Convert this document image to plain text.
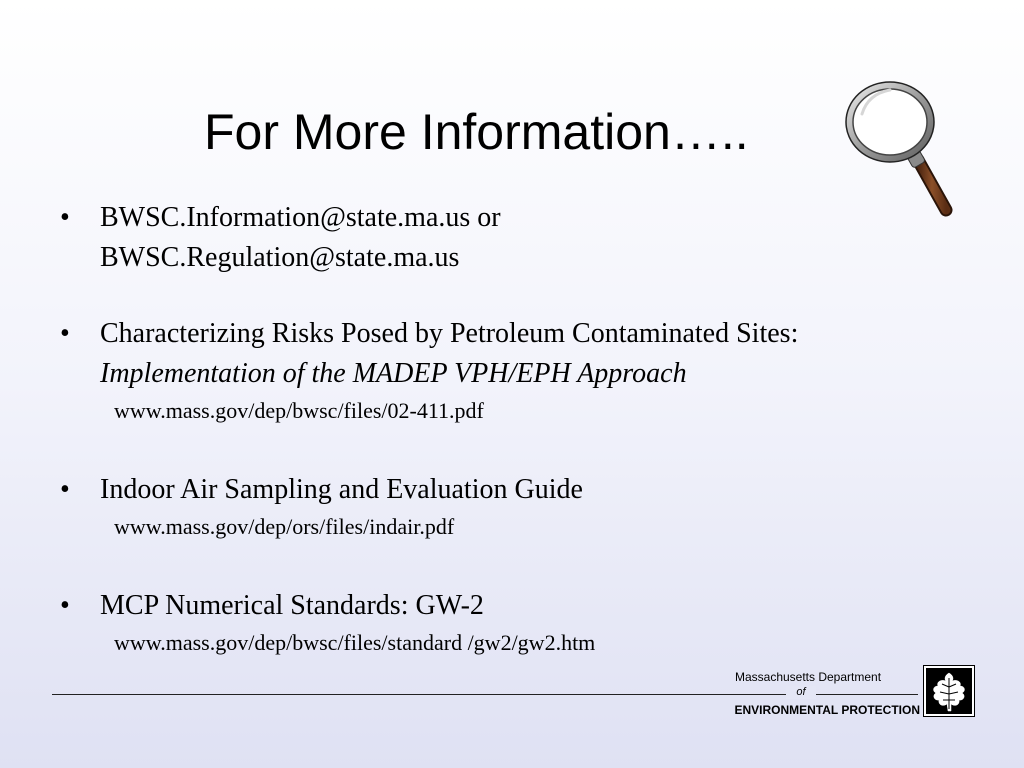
For More Information…..
• BWSC.Information@state.ma.us or
BWSC.Regulation@state.ma.us
• Characterizing Risks Posed by Petroleum Contaminated Sites:
Implementation of the MADEP VPH/EPH Approach
www.mass.gov/dep/bwsc/files/02-411.pdf
• Indoor Air Sampling and Evaluation Guide
www.mass.gov/dep/ors/files/indair.pdf
• MCP Numerical Standards: GW-2
www.mass.gov/dep/bwsc/files/standard /gw2/gw2.htm
Massachusetts Department
of
ENVIRONMENTAL PROTECTION
